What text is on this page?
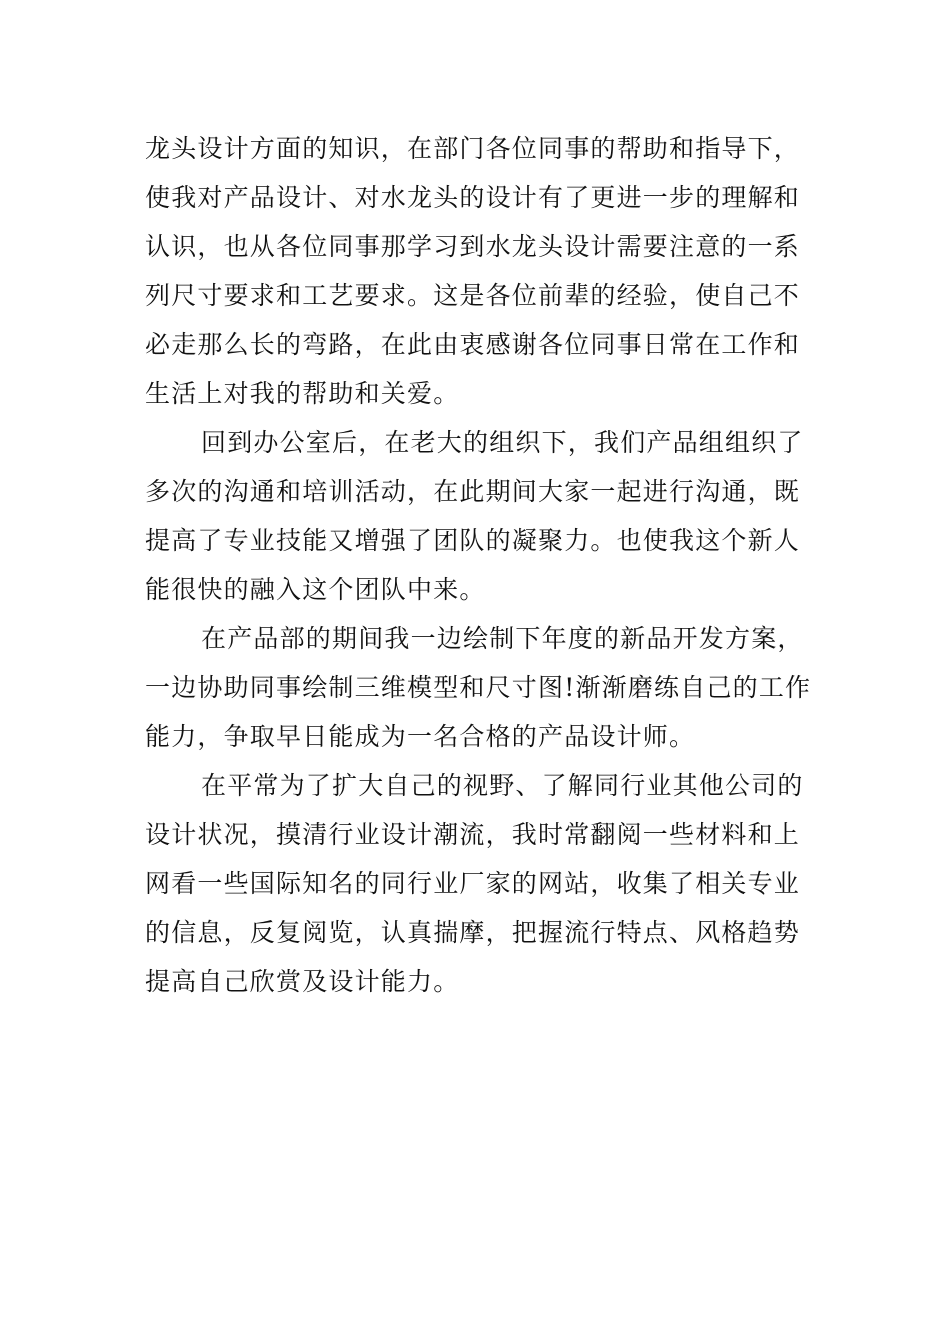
龙头设计方面的知识，在部门各位同事的帮助和指导下，
使我对产品设计、对水龙头的设计有了更进一步的理解和
认识，也从各位同事那学习到水龙头设计需要注意的一系
列尺寸要求和工艺要求。这是各位前辈的经验，使自己不
必走那么长的弯路，在此由衷感谢各位同事日常在工作和
生活上对我的帮助和关爱。
回到办公室后，在老大的组织下，我们产品组组织了
多次的沟通和培训活动，在此期间大家一起进行沟通，既
提高了专业技能又增强了团队的凝聚力。也使我这个新人
能很快的融入这个团队中来。
在产品部的期间我一边绘制下年度的新品开发方案，
一边协助同事绘制三维模型和尺寸图!渐渐磨练自己的工作
能力，争取早日能成为一名合格的产品设计师。
在平常为了扩大自己的视野、了解同行业其他公司的
设计状况，摸清行业设计潮流，我时常翻阅一些材料和上
网看一些国际知名的同行业厂家的网站，收集了相关专业
的信息，反复阅览，认真揣摩，把握流行特点、风格趋势
提高自己欣赏及设计能力。
